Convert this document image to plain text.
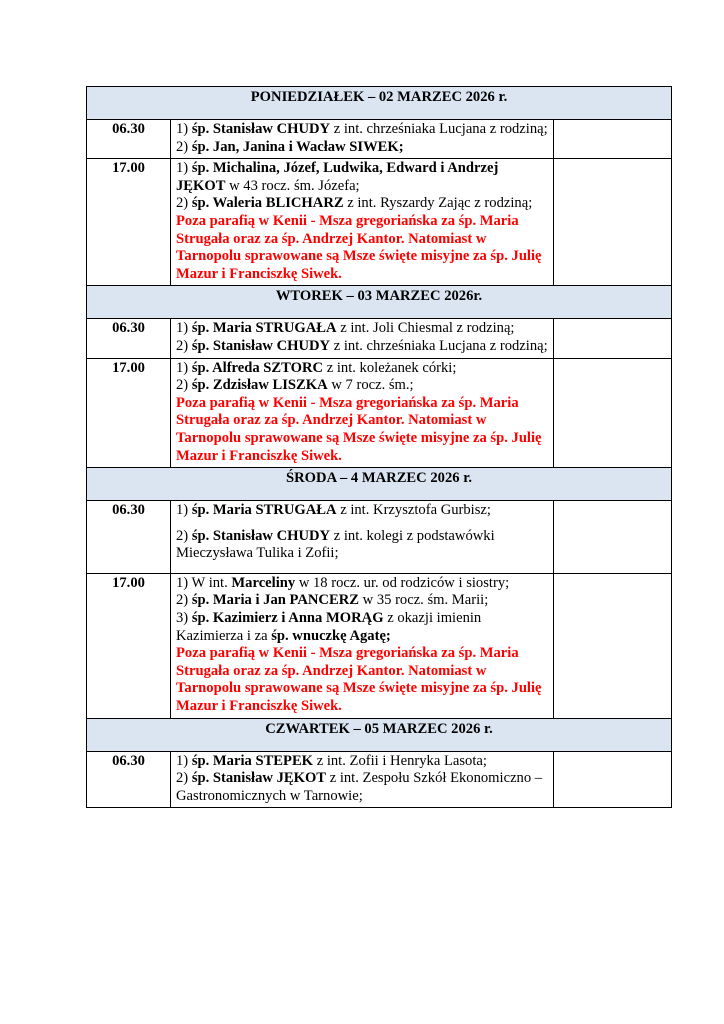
PONIEDZIAŁEK – 02 MARZEC 2026 r.		
06.30	1) śp. Stanisław CHUDY z int. chrześniaka Lucjana z rodziną;
2) śp. Jan, Janina i Wacław SIWEK;	

17.00	1) śp. Michalina, Józef, Ludwika, Edward i Andrzej JĘKOT w 43 rocz. śm. Józefa;
2) śp. Waleria BLICHARZ z int. Ryszardy Zając z rodziną;
Poza parafią w Kenii - Msza gregoriańska za śp. Maria Strugała oraz za śp. Andrzej Kantor. Natomiast w Tarnopolu sprawowane są Msze święte misyjne za śp. Julię Mazur i Franciszkę Siwek.	

WTOREK – 03 MARZEC 2026r.		
06.30	1) śp. Maria STRUGAŁA z int. Joli Chiesmal z rodziną;
2) śp. Stanisław CHUDY z int. chrześniaka Lucjana z rodziną;	

17.00	1) śp. Alfreda SZTORC z int. koleżanek córki;
2) śp. Zdzisław LISZKA w 7 rocz. śm.;
Poza parafią w Kenii - Msza gregoriańska za śp. Maria Strugała oraz za śp. Andrzej Kantor. Natomiast w Tarnopolu sprawowane są Msze święte misyjne za śp. Julię Mazur i Franciszkę Siwek.	

ŚRODA – 4 MARZEC 2026 r.		
06.30	1) śp. Maria STRUGAŁA z int. Krzysztofa Gurbisz;
2) śp. Stanisław CHUDY z int. kolegi z podstawówki Mieczysława Tulika i Zofii;	

17.00	1) W int. Marceliny w 18 rocz. ur. od rodziców i siostry;
2) śp. Maria i Jan PANCERZ w 35 rocz. śm. Marii;
3) śp. Kazimierz i Anna MORĄG z okazji imienin Kazimierza i za śp. wnuczkę Agatę;
Poza parafią w Kenii - Msza gregoriańska za śp. Maria Strugała oraz za śp. Andrzej Kantor. Natomiast w Tarnopolu sprawowane są Msze święte misyjne za śp. Julię Mazur i Franciszkę Siwek.	

CZWARTEK – 05 MARZEC 2026 r.		
06.30	1) śp. Maria STEPEK z int. Zofii i Henryka Lasota;
2) śp. Stanisław JĘKOT z int. Zespołu Szkół Ekonomiczno – Gastronomicznych w Tarnowie;	
